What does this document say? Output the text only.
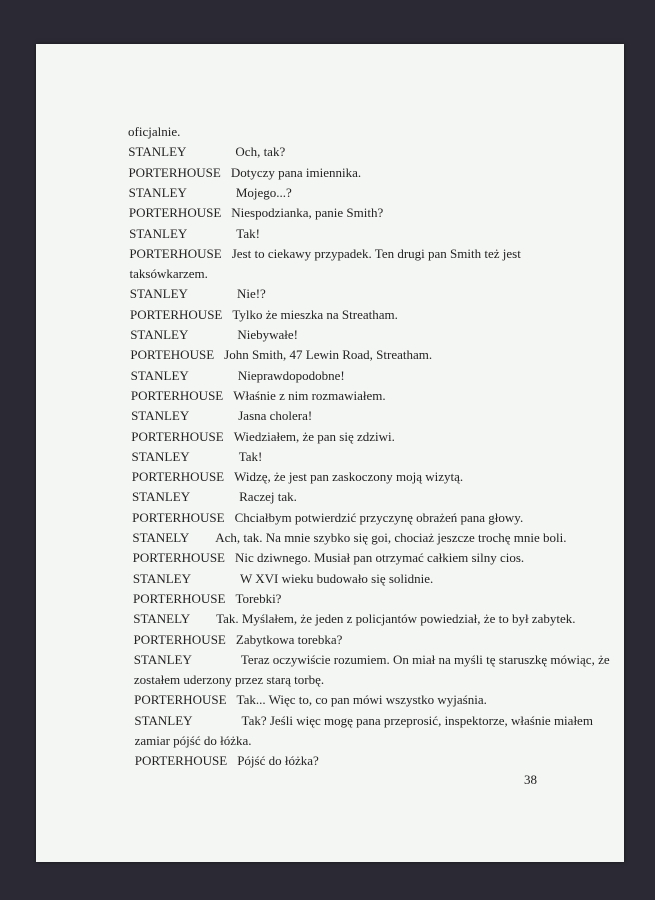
oficjalnie.
STANLEY	Och, tak?
PORTERHOUSE Dotyczy pana imiennika.
STANLEY	Mojego...?
PORTERHOUSE Niespodzianka, panie Smith?
STANLEY	Tak!
PORTERHOUSE Jest to ciekawy przypadek. Ten drugi pan Smith też jest
taksówkarzem.
STANLEY	Nie!?
PORTERHOUSE Tylko że mieszka na Streatham.
STANLEY	Niebywałe!
PORTEHOUSE John Smith, 47 Lewin Road, Streatham.
STANLEY	Nieprawdopodobne!
PORTERHOUSE Właśnie z nim rozmawiałem.
STANLEY	Jasna cholera!
PORTERHOUSE Wiedziałem, że pan się zdziwi.
STANLEY	Tak!
PORTERHOUSE Widzę, że jest pan zaskoczony moją wizytą.
STANLEY	Raczej tak.
PORTERHOUSE Chciałbym potwierdzić przyczynę obrażeń pana głowy.
STANELY Ach, tak. Na mnie szybko się goi, chociaż jeszcze trochę mnie boli.
PORTERHOUSE Nic dziwnego. Musiał pan otrzymać całkiem silny cios.
STANLEY	W XVI wieku budowało się solidnie.
PORTERHOUSE Torebki?
STANELY Tak. Myślałem, że jeden z policjantów powiedział, że to był zabytek.
PORTERHOUSE Zabytkowa torebka?
STANLEY	Teraz oczywiście rozumiem. On miał na myśli tę staruszkę mówiąc, że
zostałem uderzony przez starą torbę.
PORTERHOUSE Tak... Więc to, co pan mówi wszystko wyjaśnia.
STANLEY	Tak? Jeśli więc mogę pana przeprosić, inspektorze, właśnie miałem
zamiar pójść do łóżka.
PORTERHOUSE Pójść do łóżka?
38
